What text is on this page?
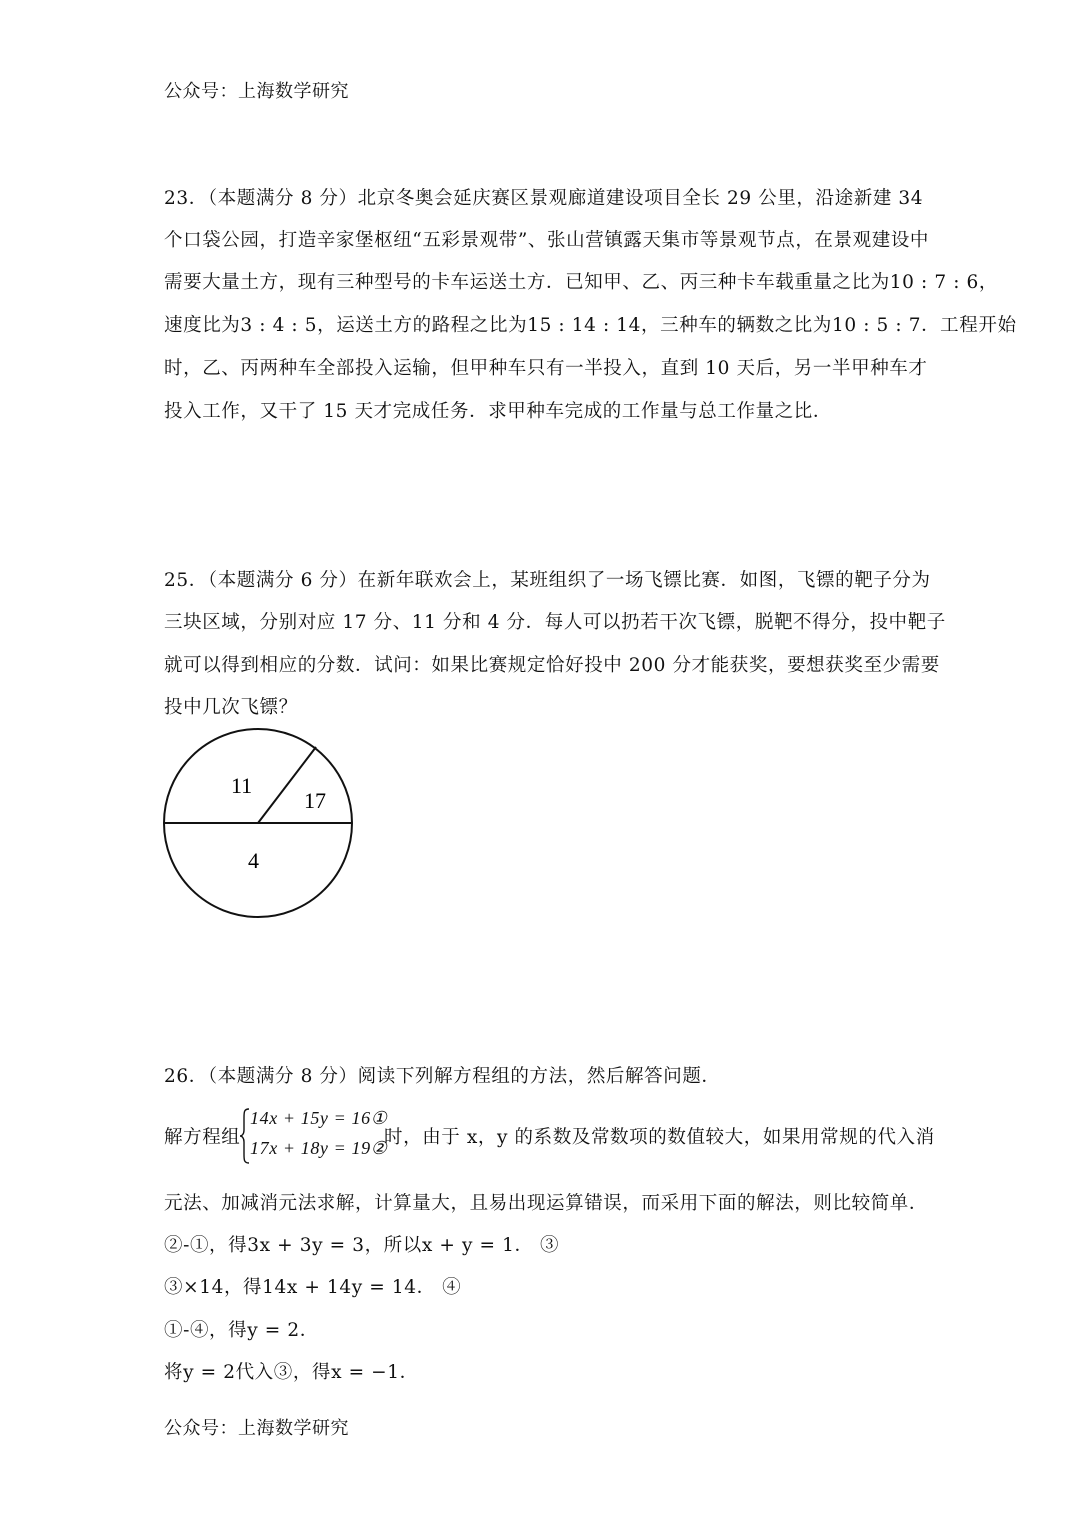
公众号：上海数学研究
23．（本题满分 8 分）北京冬奥会延庆赛区景观廊道建设项目全长 29 公里，沿途新建 34
个口袋公园，打造辛家堡枢纽“五彩景观带”、张山营镇露天集市等景观节点，在景观建设中
需要大量土方，现有三种型号的卡车运送土方．已知甲、乙、丙三种卡车载重量之比为10 : 7 : 6，
速度比为3 : 4 : 5，运送土方的路程之比为15 : 14 : 14，三种车的辆数之比为10 : 5 : 7．工程开始
时，乙、丙两种车全部投入运输，但甲种车只有一半投入，直到 10 天后，另一半甲种车才
投入工作，又干了 15 天才完成任务．求甲种车完成的工作量与总工作量之比．
25．（本题满分 6 分）在新年联欢会上，某班组织了一场飞镖比赛．如图，飞镖的靶子分为
三块区域，分别对应 17 分、11 分和 4 分．每人可以扔若干次飞镖，脱靶不得分，投中靶子
就可以得到相应的分数．试问：如果比赛规定恰好投中 200 分才能获奖，要想获奖至少需要
投中几次飞镖？
11
17
4
26．（本题满分 8 分）阅读下列解方程组的方法，然后解答问题．
解方程组
14x + 15y = 16①
17x + 18y = 19②
时，由于 x，y 的系数及常数项的数值较大，如果用常规的代入消
元法、加减消元法求解，计算量大，且易出现运算错误，而采用下面的解法，则比较简单．
②-①，得3x + 3y = 3，所以x + y = 1． ③
③×14，得14x + 14y = 14． ④
①-④，得y = 2．
将y = 2代入③，得x = −1．
公众号：上海数学研究
